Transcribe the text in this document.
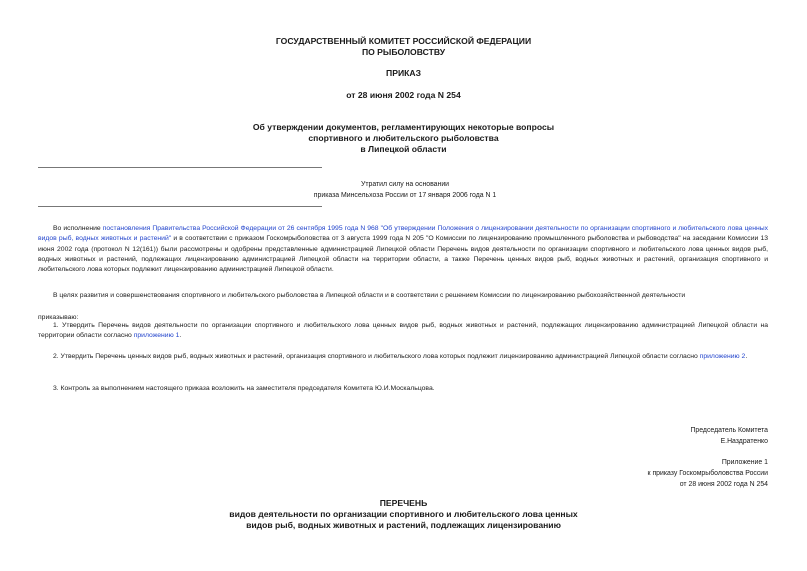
ГОСУДАРСТВЕННЫЙ КОМИТЕТ РОССИЙСКОЙ ФЕДЕРАЦИИ
ПО РЫБОЛОВСТВУ
ПРИКАЗ
от 28 июня 2002 года N 254
Об утверждении документов, регламентирующих некоторые вопросы
спортивного и любительского рыболовства
в Липецкой области
Утратил силу на основании
приказа Минсельхоза России от 17 января 2006 года N 1
Во исполнение постановления Правительства Российской Федерации от 26 сентября 1995 года N 968 "Об утверждении Положения о лицензировании деятельности по организации спортивного и любительского лова ценных видов рыб, водных животных и растений" и в соответствии с приказом Госкомрыболовства от 3 августа 1999 года N 205 "О Комиссии по лицензированию промышленного рыболовства и рыбоводства" на заседании Комиссии 13 июня 2002 года (протокол N 12(161)) были рассмотрены и одобрены представленные администрацией Липецкой области Перечень видов деятельности по организации спортивного и любительского лова ценных видов рыб, водных животных и растений, подлежащих лицензированию администрацией Липецкой области на территории области, а также Перечень ценных видов рыб, водных животных и растений, организация спортивного и любительского лова которых подлежит лицензированию администрацией Липецкой области.
В целях развития и совершенствования спортивного и любительского рыболовства в Липецкой области и в соответствии с решением Комиссии по лицензированию рыбохозяйственной деятельности
приказываю:
1. Утвердить Перечень видов деятельности по организации спортивного и любительского лова ценных видов рыб, водных животных и растений, подлежащих лицензированию администрацией Липецкой области на территории области согласно приложению 1.
2. Утвердить Перечень ценных видов рыб, водных животных и растений, организация спортивного и любительского лова которых подлежит лицензированию администрацией Липецкой области согласно приложению 2.
3. Контроль за выполнением настоящего приказа возложить на заместителя председателя Комитета Ю.И.Москальцова.
Председатель Комитета
Е.Наздратенко
Приложение 1
к приказу Госкомрыболовства России
от 28 июня 2002 года N 254
ПЕРЕЧЕНЬ
видов деятельности по организации спортивного и любительского лова ценных
видов рыб, водных животных и растений, подлежащих лицензированию
